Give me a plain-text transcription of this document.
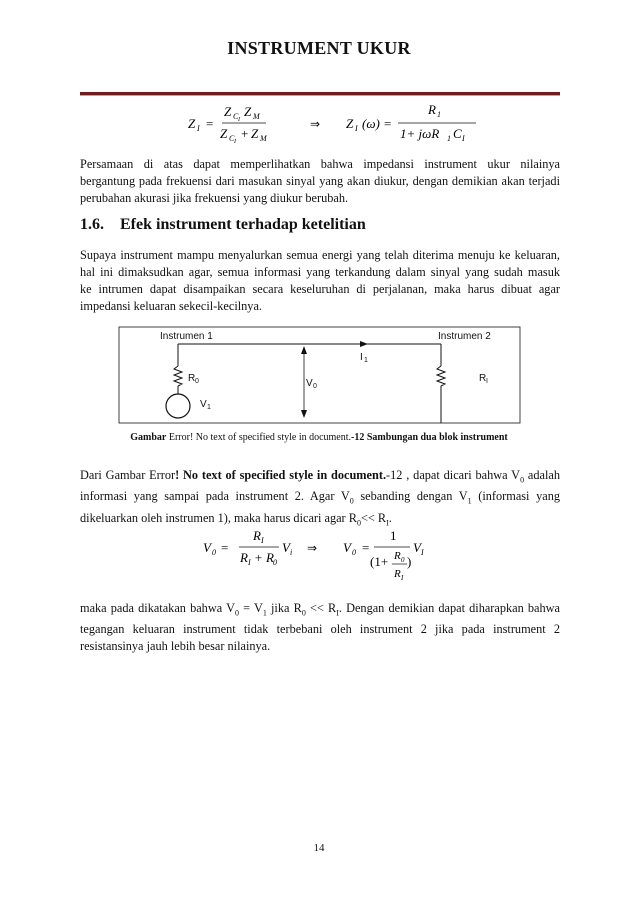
INSTRUMENT UKUR
Z I =
Z C I
Z M
Z C I
+ Z M
⇒ Z I (ω) =
R 1
1+ jωR 1 C I
Persamaan di atas dapat memperlihatkan bahwa impedansi instrument ukur nilainya
bergantung pada frekuensi dari masukan sinyal yang akan diukur, dengan demikian akan terjadi
perubahan akurasi jika frekuensi yang diukur berubah.
1.6. Efek instrument terhadap ketelitian
Supaya instrument mampu menyalurkan semua energi yang telah diterima menuju ke keluaran,
hal ini dimaksudkan agar, semua informasi yang terkandung dalam sinyal yang sudah masuk
ke intrumen dapat disampaikan secara keseluruhan di perjalanan, maka harus dibuat agar
impedansi keluaran sekecil-kecilnya.
Instrumen 1	Instrumen 2
R 0
V 1
V 0
I 1
R I
Gambar Error! No text of specified style in document.-12 Sambungan dua blok instrument
Dari Gambar Error! No text of specified style in document.-12 , dapat dicari bahwa $V_0$ adalah
informasi yang sampai pada instrument 2. Agar $V_0$ sebanding dengan $V_1$ (informasi yang
dikeluarkan oleh instrumen 1), maka harus dicari agar $R_0<< R_I$.
V 0 =
R I
R I + R 0
V i ⇒ V 0 =
1
(1+ R 0
R I
)
V I
maka pada dikatakan bahwa $V_0 = V_1$ jika $R_0 << R_I$. Dengan demikian dapat diharapkan bahwa
tegangan keluaran instrument tidak terbebani oleh instrument 2 jika pada instrument 2
resistansinya jauh lebih besar nilainya.
14
